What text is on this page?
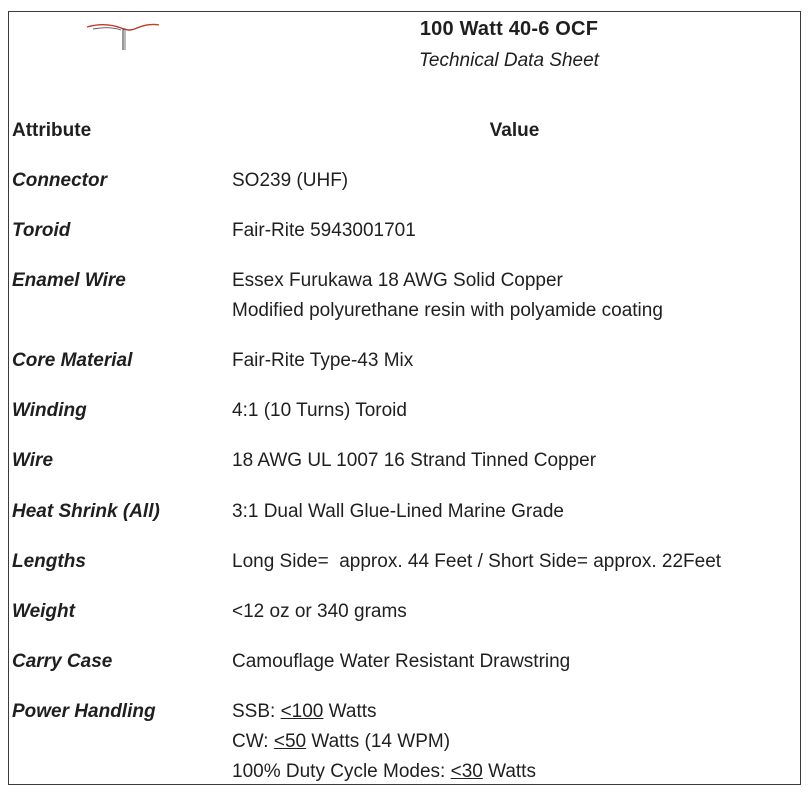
100 Watt 40-6 OCF
Technical Data Sheet
Attribute	Value
Connector	SO239 (UHF)
Toroid	Fair-Rite 5943001701
Enamel Wire	Essex Furukawa 18 AWG Solid Copper
Modified polyurethane resin with polyamide coating
Core Material	Fair-Rite Type-43 Mix
Winding	4:1 (10 Turns) Toroid
Wire	18 AWG UL 1007 16 Strand Tinned Copper
Heat Shrink (All)	3:1 Dual Wall Glue-Lined Marine Grade
Lengths	Long Side=  approx. 44 Feet / Short Side= approx. 22Feet
Weight	<12 oz or 340 grams
Carry Case	Camouflage Water Resistant Drawstring
Power Handling	SSB: <100 Watts
CW: <50 Watts (14 WPM)
100% Duty Cycle Modes: <30 Watts
